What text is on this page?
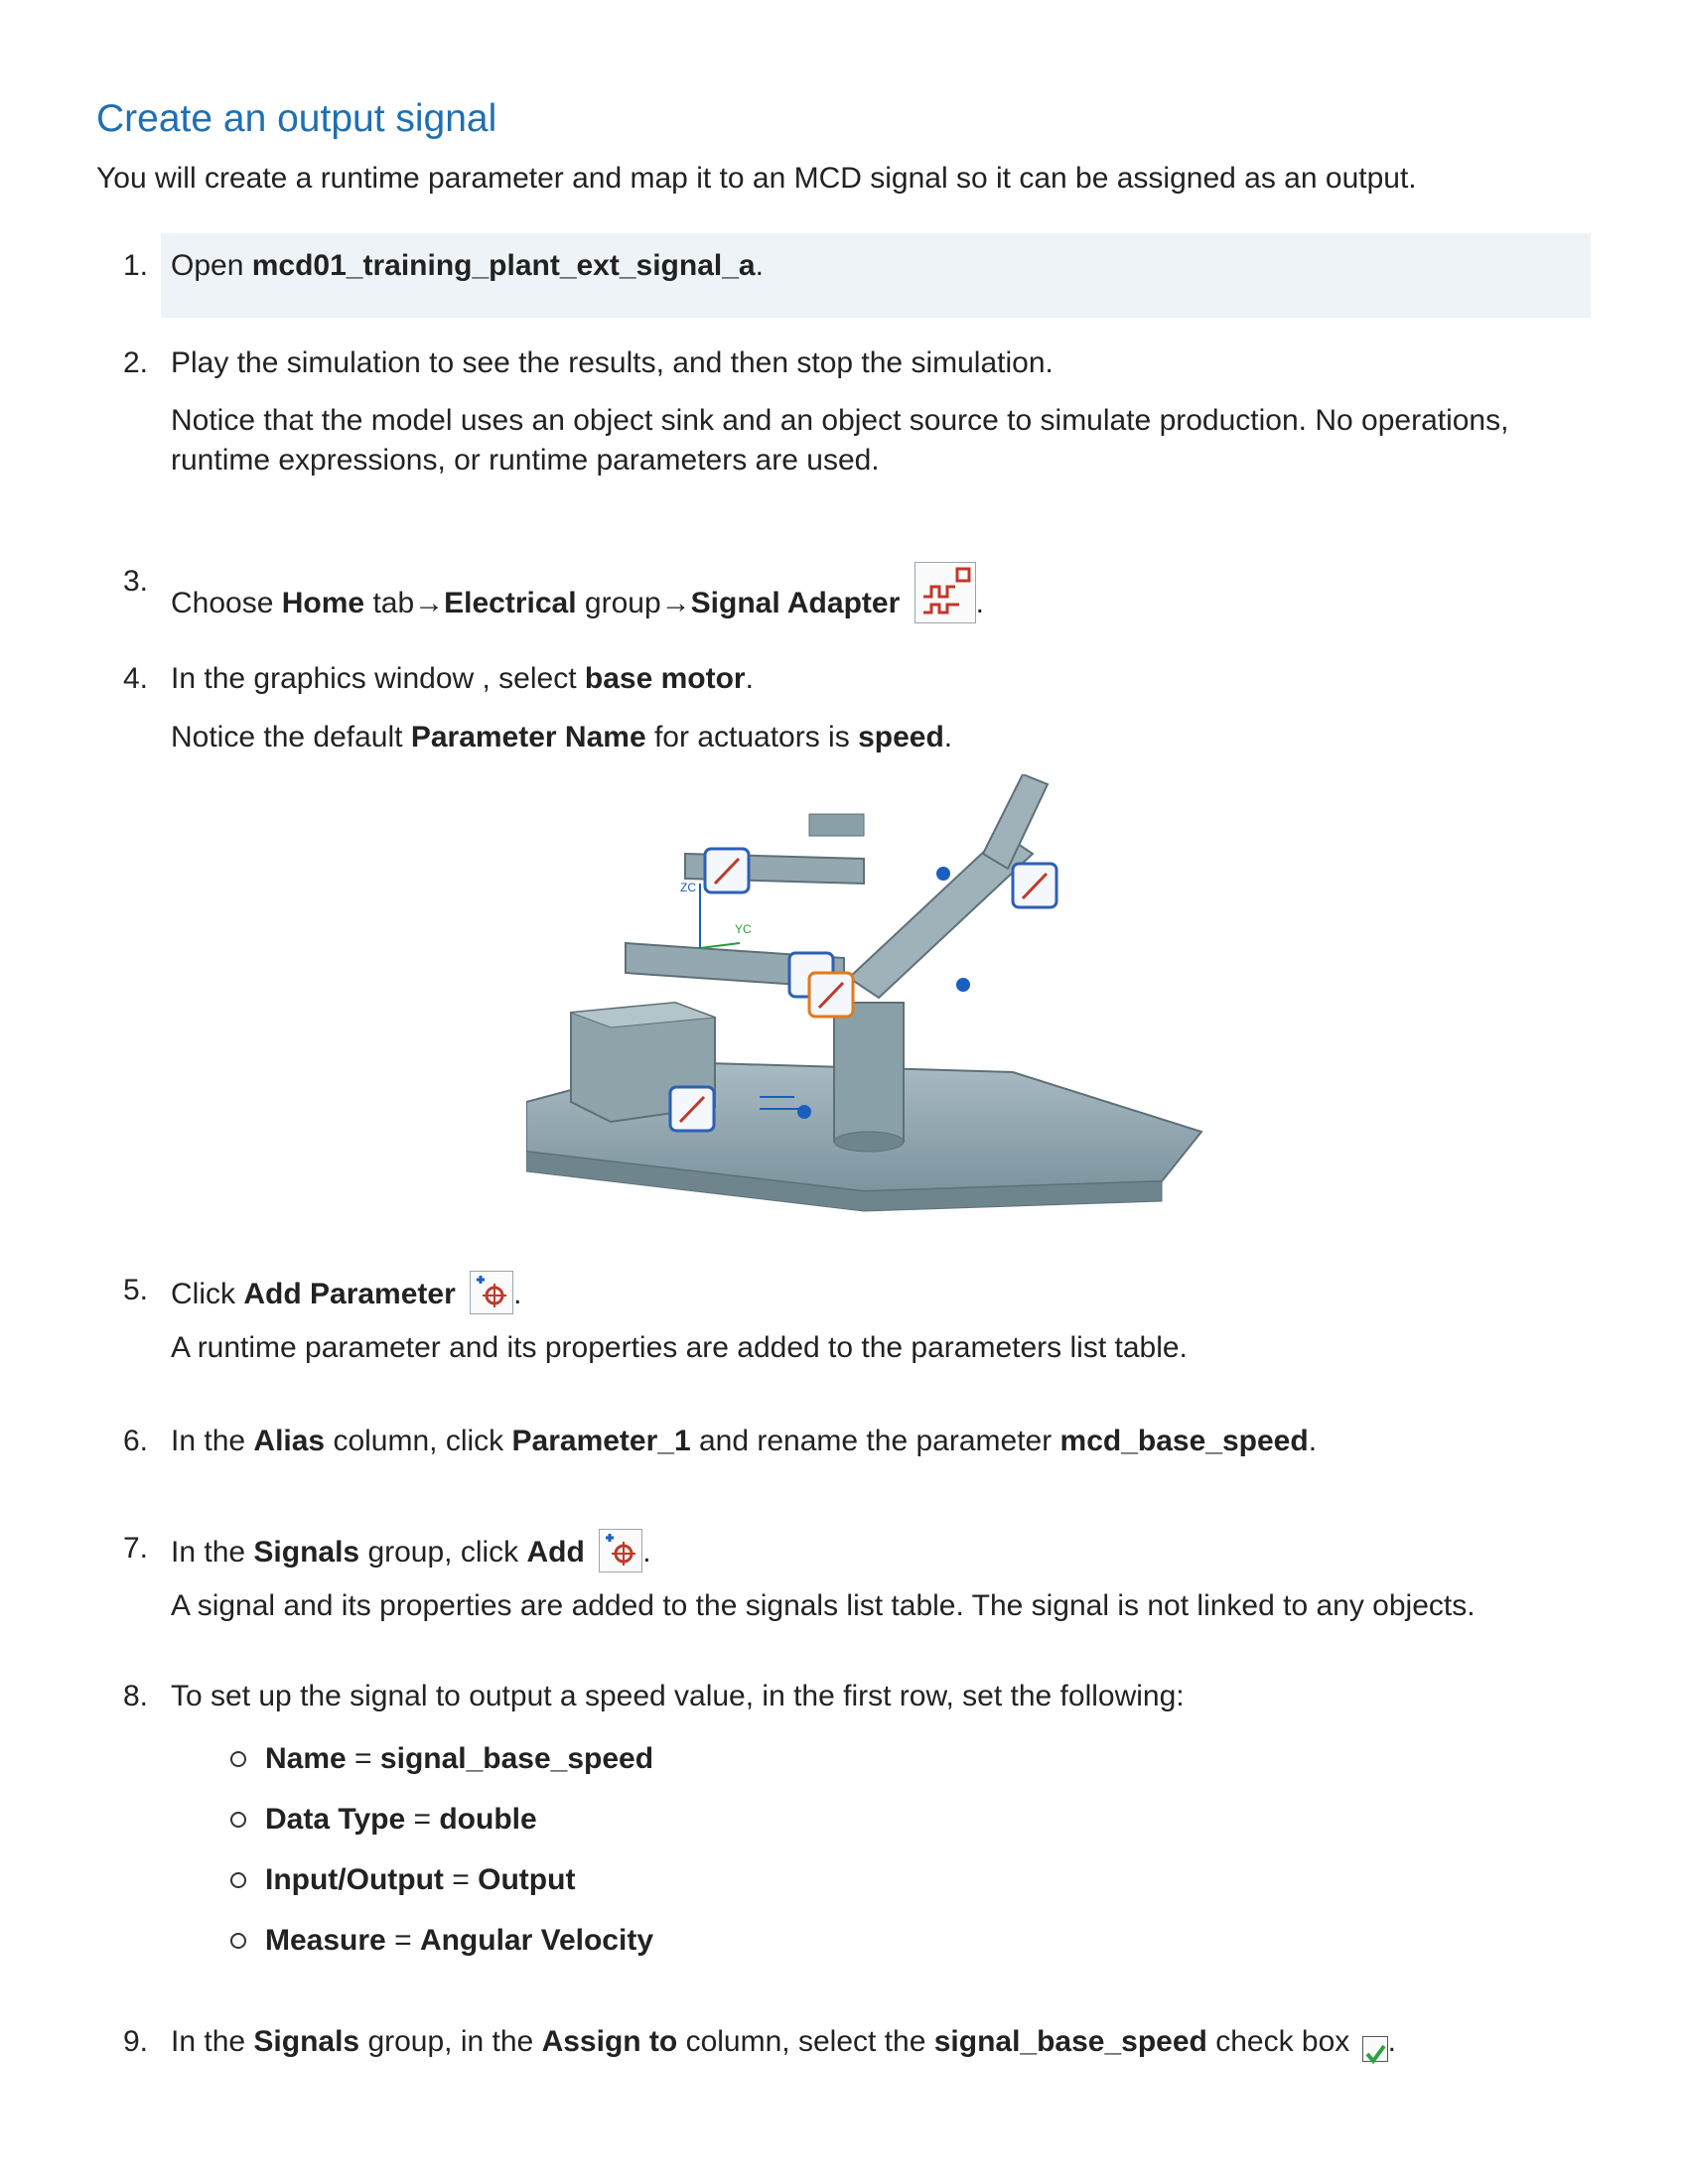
Create an output signal

You will create a runtime parameter and map it to an MCD signal so it can be assigned as an output.

1. Open mcd01_training_plant_ext_signal_a.
2. Play the simulation to see the results, and then stop the simulation.
Notice that the model uses an object sink and an object source to simulate production. No operations, runtime expressions, or runtime parameters are used.
3.
Choose Home tab→Electrical group→Signal Adapter	.
4. In the graphics window , select base motor.
Notice the default Parameter Name for actuators is speed.
ZC
YC
5. Click Add Parameter .
A runtime parameter and its properties are added to the parameters list table.
6. In the Alias column, click Parameter_1 and rename the parameter mcd_base_speed.
7. In the Signals group, click Add .
A signal and its properties are added to the signals list table. The signal is not linked to any objects.
8. To set up the signal to output a speed value, in the first row, set the following:
Name = signal_base_speed
Data Type = double
Input/Output = Output
Measure = Angular Velocity
9. In the Signals group, in the Assign to column, select the signal_base_speed check box .
